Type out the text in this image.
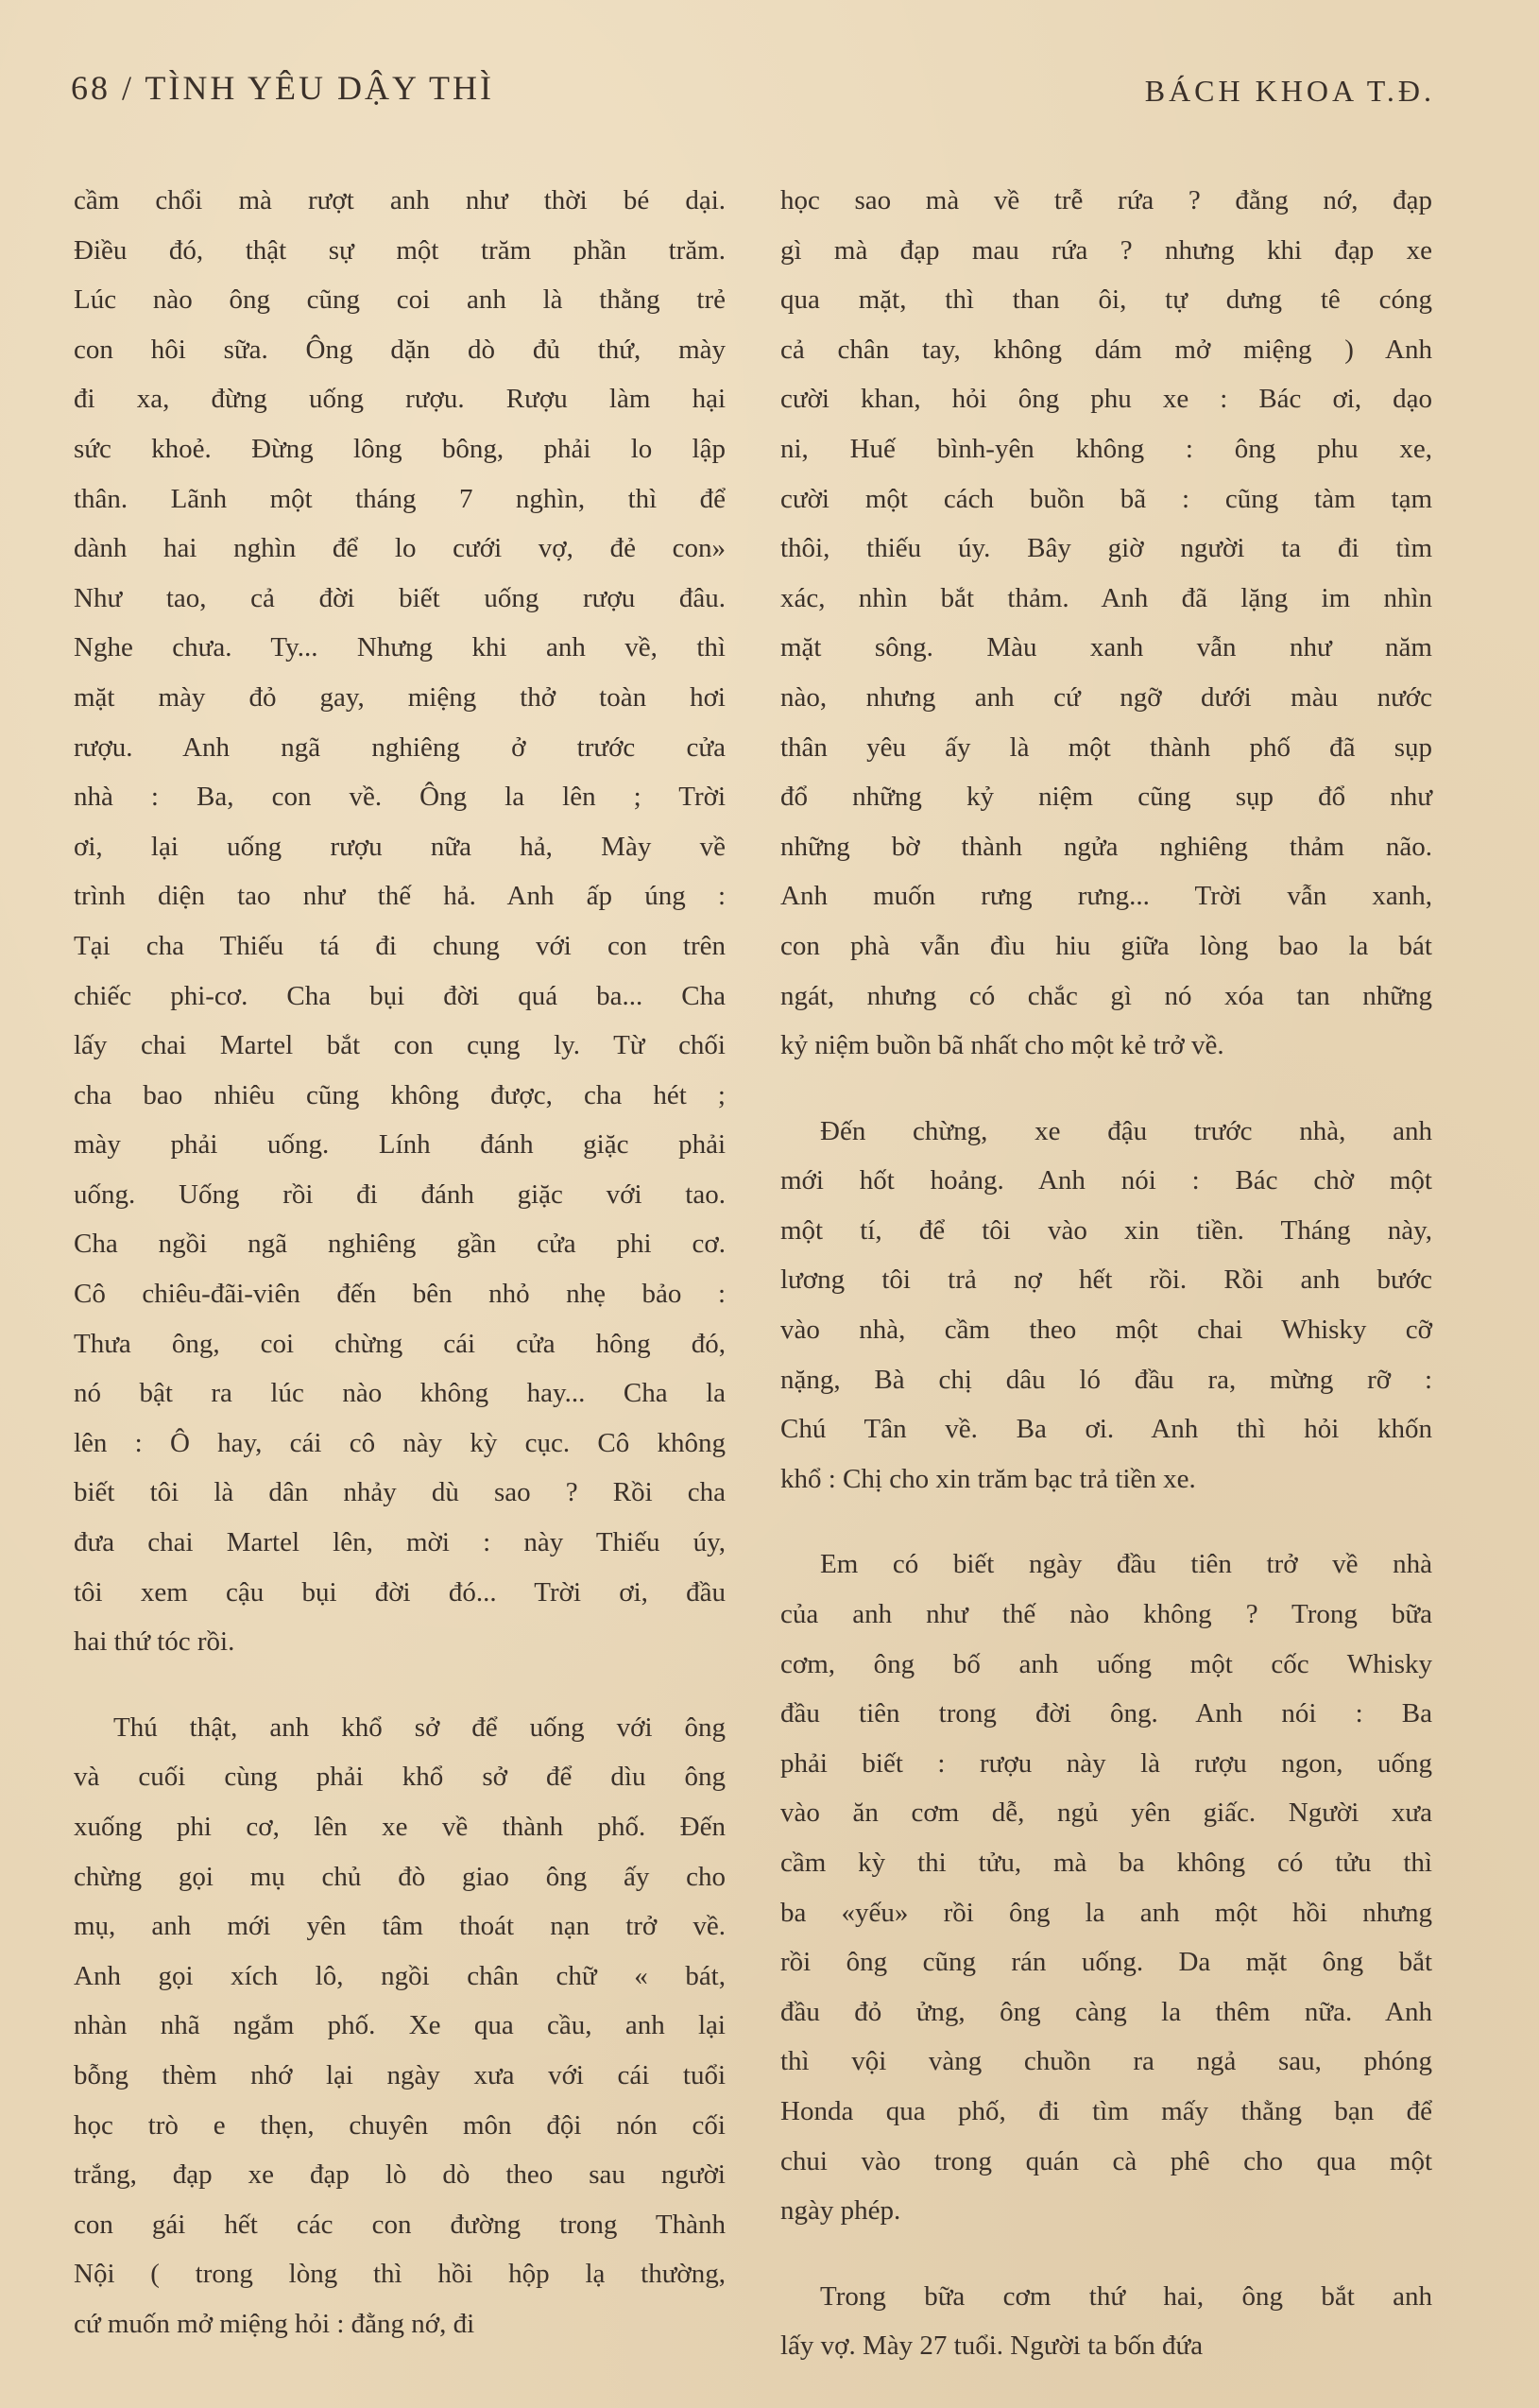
68 / TÌNH YÊU DẬY THÌ	BÁCH KHOA T.Đ.
cầm chổi mà rượt anh như thời bé dại.
Điều đó, thật sự một trăm phần trăm.
Lúc nào ông cũng coi anh là thằng trẻ
con hôi sữa. Ông dặn dò đủ thứ, mày
đi xa, đừng uống rượu. Rượu làm hại
sức khoẻ. Đừng lông bông, phải lo lập
thân. Lãnh một tháng 7 nghìn, thì để
dành hai nghìn để lo cưới vợ, đẻ con»
Như tao, cả đời biết uống rượu đâu.
Nghe chưa. Ty... Nhưng khi anh về, thì
mặt mày đỏ gay, miệng thở toàn hơi
rượu. Anh ngã nghiêng ở trước cửa
nhà : Ba, con về. Ông la lên ; Trời
ơi, lại uống rượu nữa hả, Mày về
trình diện tao như thế hả. Anh ấp úng :
Tại cha Thiếu tá đi chung với con trên
chiếc phi-cơ. Cha bụi đời quá ba... Cha
lấy chai Martel bắt con cụng ly. Từ chối
cha bao nhiêu cũng không được, cha hét ;
mày phải uống. Lính đánh giặc phải
uống. Uống rồi đi đánh giặc với tao.
Cha ngồi ngã nghiêng gần cửa phi cơ.
Cô chiêu-đãi-viên đến bên nhỏ nhẹ bảo :
Thưa ông, coi chừng cái cửa hông đó,
nó bật ra lúc nào không hay... Cha la
lên : Ô hay, cái cô này kỳ cục. Cô không
biết tôi là dân nhảy dù sao ? Rồi cha
đưa chai Martel lên, mời : này Thiếu úy,
tôi xem cậu bụi đời đó... Trời ơi, đầu
hai thứ tóc rồi.
Thú thật, anh khổ sở để uống với ông
và cuối cùng phải khổ sở để dìu ông
xuống phi cơ, lên xe về thành phố. Đến
chừng gọi mụ chủ đò giao ông ấy cho
mụ, anh mới yên tâm thoát nạn trở về.
Anh gọi xích lô, ngồi chân chữ « bát,
nhàn nhã ngắm phố. Xe qua cầu, anh lại
bỗng thèm nhớ lại ngày xưa với cái tuổi
học trò e thẹn, chuyên môn đội nón cối
trắng, đạp xe đạp lò dò theo sau người
con gái hết các con đường trong Thành
Nội ( trong lòng thì hồi hộp lạ thường,
cứ muốn mở miệng hỏi : đằng nớ, đi
học sao mà về trễ rứa ? đằng nớ, đạp
gì mà đạp mau rứa ? nhưng khi đạp xe
qua mặt, thì than ôi, tự dưng tê cóng
cả chân tay, không dám mở miệng ) Anh
cười khan, hỏi ông phu xe : Bác ơi, dạo
ni, Huế bình-yên không : ông phu xe,
cười một cách buồn bã : cũng tàm tạm
thôi, thiếu úy. Bây giờ người ta đi tìm
xác, nhìn bắt thảm. Anh đã lặng im nhìn
mặt sông. Màu xanh vẫn như năm
nào, nhưng anh cứ ngỡ dưới màu nước
thân yêu ấy là một thành phố đã sụp
đổ những kỷ niệm cũng sụp đổ như
những bờ thành ngửa nghiêng thảm não.
Anh muốn rưng rưng... Trời vẫn xanh,
con phà vẫn đìu hiu giữa lòng bao la bát
ngát, nhưng có chắc gì nó xóa tan những
kỷ niệm buồn bã nhất cho một kẻ trở về.
Đến chừng, xe đậu trước nhà, anh
mới hốt hoảng. Anh nói : Bác chờ một
một tí, để tôi vào xin tiền. Tháng này,
lương tôi trả nợ hết rồi. Rồi anh bước
vào nhà, cầm theo một chai Whisky cỡ
nặng, Bà chị dâu ló đầu ra, mừng rỡ :
Chú Tân về. Ba ơi. Anh thì hỏi khốn
khổ : Chị cho xin trăm bạc trả tiền xe.
Em có biết ngày đầu tiên trở về nhà
của anh như thế nào không ? Trong bữa
cơm, ông bố anh uống một cốc Whisky
đầu tiên trong đời ông. Anh nói : Ba
phải biết : rượu này là rượu ngon, uống
vào ăn cơm dễ, ngủ yên giấc. Người xưa
cầm kỳ thi tửu, mà ba không có tửu thì
ba «yếu» rồi ông la anh một hồi nhưng
rồi ông cũng rán uống. Da mặt ông bắt
đầu đỏ ửng, ông càng la thêm nữa. Anh
thì vội vàng chuồn ra ngả sau, phóng
Honda qua phố, đi tìm mấy thằng bạn để
chui vào trong quán cà phê cho qua một
ngày phép.
Trong bữa cơm thứ hai, ông bắt anh
lấy vợ. Mày 27 tuổi. Người ta bốn đứa
